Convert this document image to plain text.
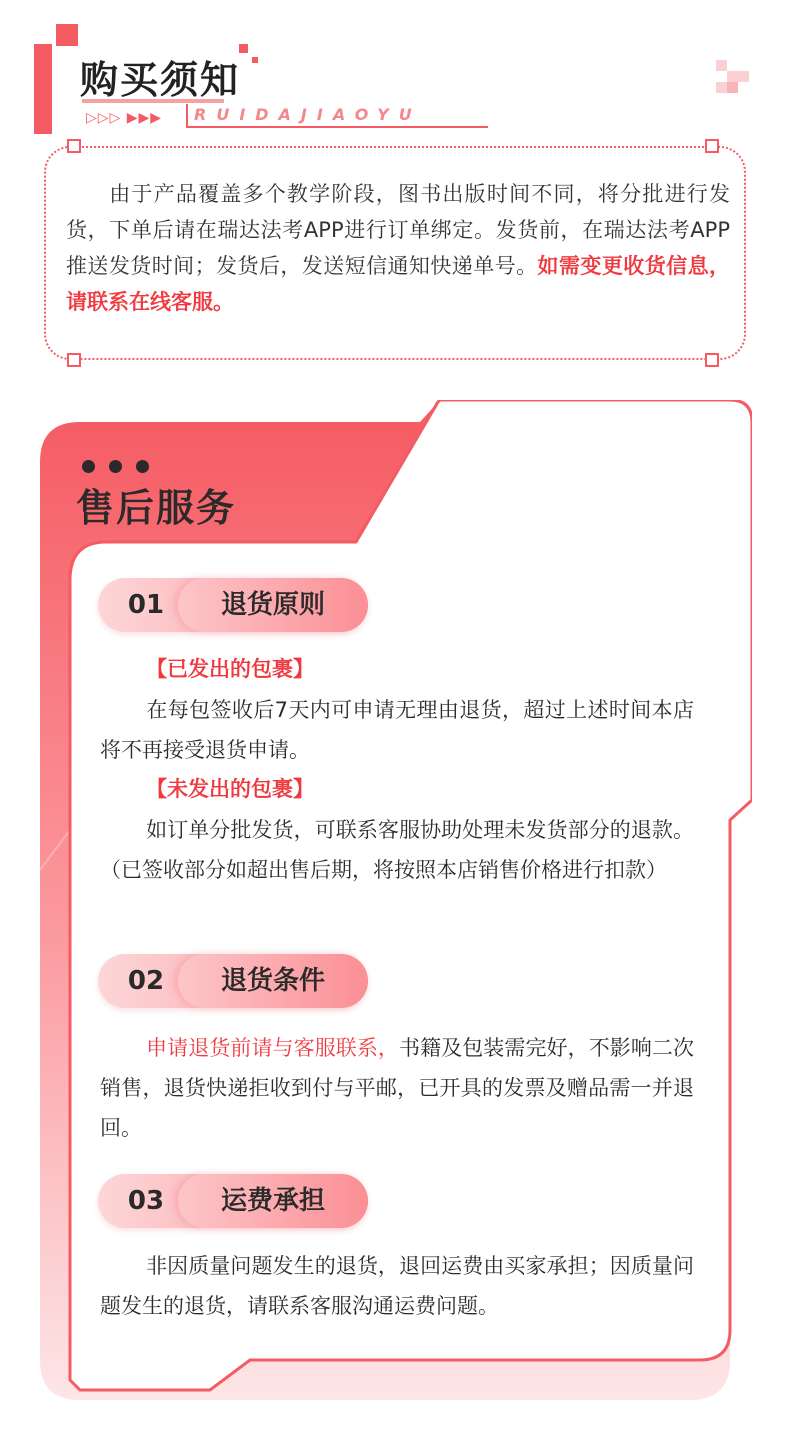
购买须知
▷▷▷ ▶▶▶ RUIDAJIAOYU
由于产品覆盖多个教学阶段，图书出版时间不同，将分批进行发货，下单后请在瑞达法考APP进行订单绑定。发货前，在瑞达法考APP推送发货时间；发货后，发送短信通知快递单号。如需变更收货信息，请联系在线客服。
售后服务
01	退货原则
【已发出的包裹】
在每包签收后7天内可申请无理由退货，超过上述时间本店将不再接受退货申请。
【未发出的包裹】
如订单分批发货，可联系客服协助处理未发货部分的退款。（已签收部分如超出售后期，将按照本店销售价格进行扣款）
02	退货条件
申请退货前请与客服联系，书籍及包装需完好，不影响二次销售，退货快递拒收到付与平邮，已开具的发票及赠品需一并退回。
03	运费承担
非因质量问题发生的退货，退回运费由买家承担；因质量问题发生的退货，请联系客服沟通运费问题。
